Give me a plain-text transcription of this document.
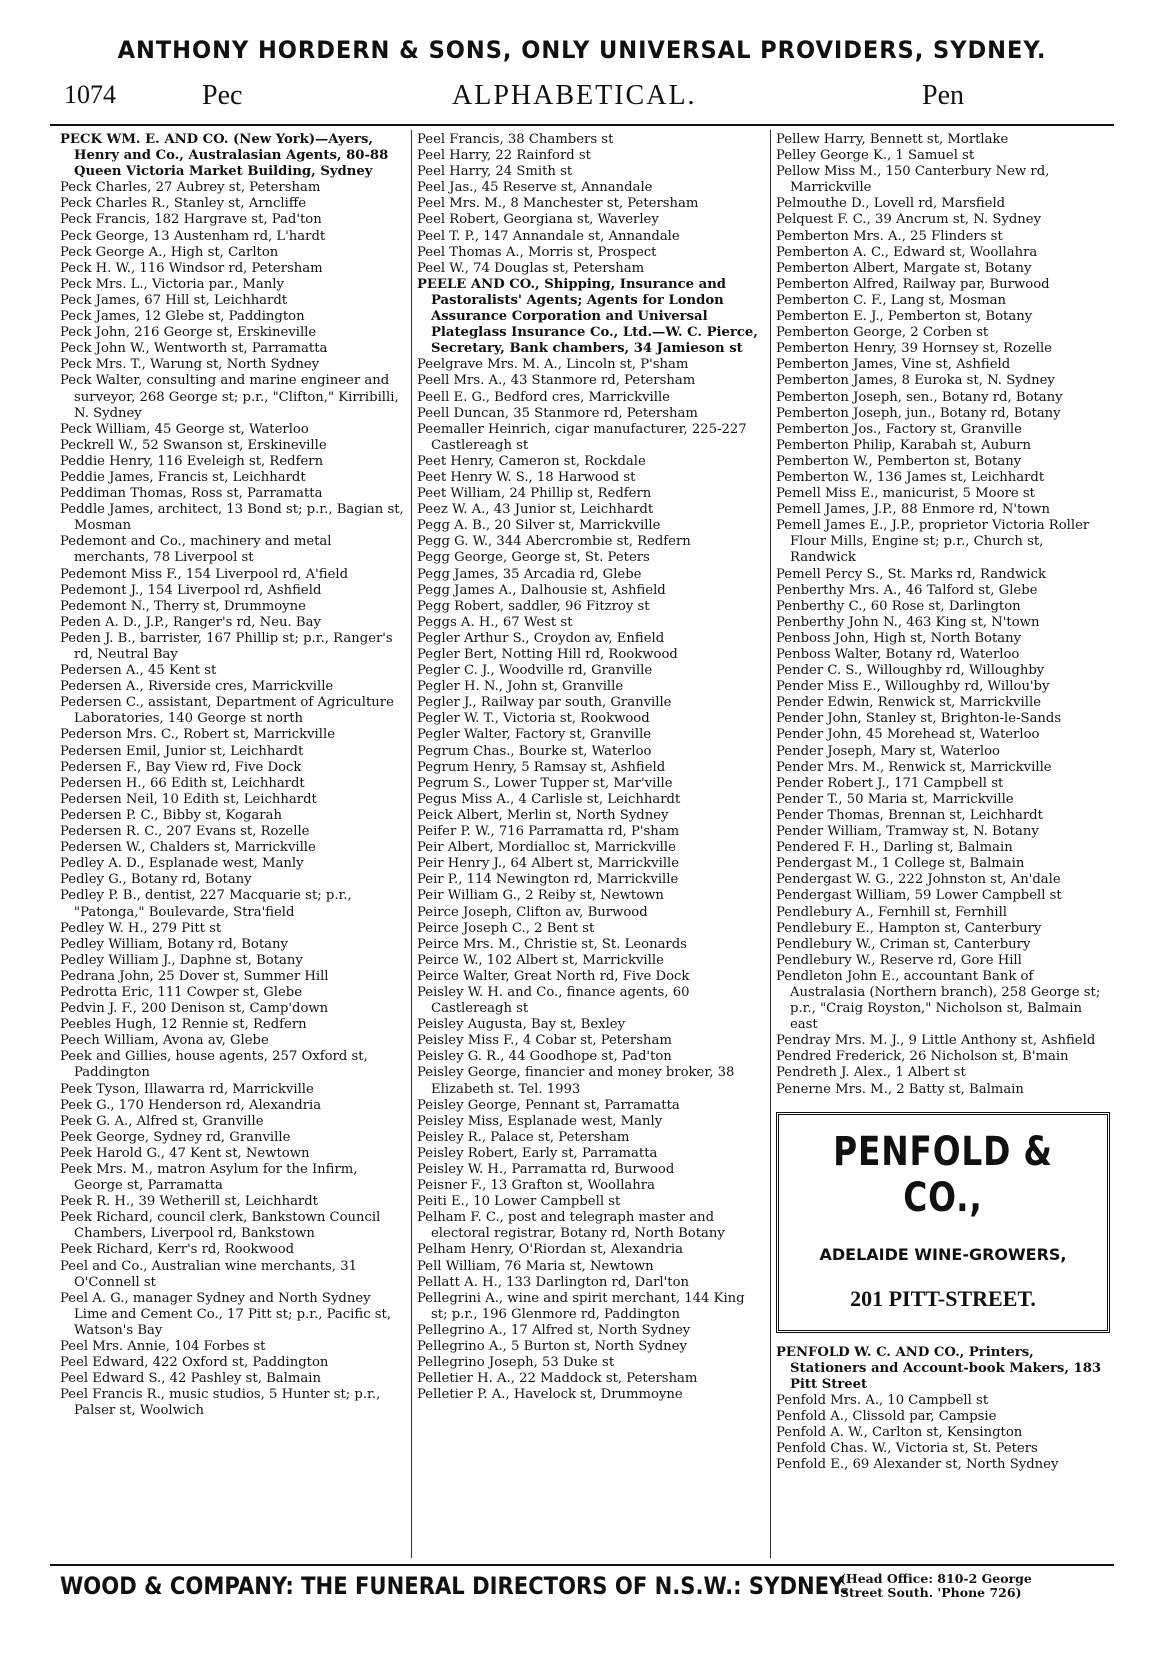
ANTHONY HORDERN & SONS, ONLY UNIVERSAL PROVIDERS, SYDNEY.
1074	Pec	ALPHABETICAL.	Pen
PECK WM. E. AND CO. (New York)—Ayers, Henry and Co., Australasian Agents, 80-88 Queen Victoria Market Building, Sydney
Peck Charles, 27 Aubrey st, Petersham
Peck Charles R., Stanley st, Arncliffe
Peck Francis, 182 Hargrave st, Pad'ton
Peck George, 13 Austenham rd, L'hardt
Peck George A., High st, Carlton
Peck H. W., 116 Windsor rd, Petersham
Peck Mrs. L., Victoria par., Manly
Peck James, 67 Hill st, Leichhardt
Peck James, 12 Glebe st, Paddington
Peck John, 216 George st, Erskineville
Peck John W., Wentworth st, Parramatta
Peck Mrs. T., Warung st, North Sydney
Peck Walter, consulting and marine engineer and surveyor, 268 George st; p.r., "Clifton," Kirribilli, N. Sydney
Peck William, 45 George st, Waterloo
Peckrell W., 52 Swanson st, Erskineville
Peddie Henry, 116 Eveleigh st, Redfern
Peddie James, Francis st, Leichhardt
Peddiman Thomas, Ross st, Parramatta
Peddle James, architect, 13 Bond st; p.r., Bagian st, Mosman
Pedemont and Co., machinery and metal merchants, 78 Liverpool st
Pedemont Miss F., 154 Liverpool rd, A'field
Pedemont J., 154 Liverpool rd, Ashfield
Pedemont N., Therry st, Drummoyne
Peden A. D., J.P., Ranger's rd, Neu. Bay
Peden J. B., barrister, 167 Phillip st; p.r., Ranger's rd, Neutral Bay
Pedersen A., 45 Kent st
Pedersen A., Riverside cres, Marrickville
Pedersen C., assistant, Department of Agriculture Laboratories, 140 George st north
Pederson Mrs. C., Robert st, Marrickville
Pedersen Emil, Junior st, Leichhardt
Pedersen F., Bay View rd, Five Dock
Pedersen H., 66 Edith st, Leichhardt
Pedersen Neil, 10 Edith st, Leichhardt
Pedersen P. C., Bibby st, Kogarah
Pedersen R. C., 207 Evans st, Rozelle
Pedersen W., Chalders st, Marrickville
Pedley A. D., Esplanade west, Manly
Pedley G., Botany rd, Botany
Pedley P. B., dentist, 227 Macquarie st; p.r., "Patonga," Boulevarde, Stra'field
Pedley W. H., 279 Pitt st
Pedley William, Botany rd, Botany
Pedley William J., Daphne st, Botany
Pedrana John, 25 Dover st, Summer Hill
Pedrotta Eric, 111 Cowper st, Glebe
Pedvin J. F., 200 Denison st, Camp'down
Peebles Hugh, 12 Rennie st, Redfern
Peech William, Avona av, Glebe
Peek and Gillies, house agents, 257 Oxford st, Paddington
Peek Tyson, Illawarra rd, Marrickville
Peek G., 170 Henderson rd, Alexandria
Peek G. A., Alfred st, Granville
Peek George, Sydney rd, Granville
Peek Harold G., 47 Kent st, Newtown
Peek Mrs. M., matron Asylum for the Infirm, George st, Parramatta
Peek R. H., 39 Wetherill st, Leichhardt
Peek Richard, council clerk, Bankstown Council Chambers, Liverpool rd, Bankstown
Peek Richard, Kerr's rd, Rookwood
Peel and Co., Australian wine merchants, 31 O'Connell st
Peel A. G., manager Sydney and North Sydney Lime and Cement Co., 17 Pitt st; p.r., Pacific st, Watson's Bay
Peel Mrs. Annie, 104 Forbes st
Peel Edward, 422 Oxford st, Paddington
Peel Edward S., 42 Pashley st, Balmain
Peel Francis R., music studios, 5 Hunter st; p.r., Palser st, Woolwich
Peel Francis, 38 Chambers st
Peel Harry, 22 Rainford st
Peel Harry, 24 Smith st
Peel Jas., 45 Reserve st, Annandale
Peel Mrs. M., 8 Manchester st, Petersham
Peel Robert, Georgiana st, Waverley
Peel T. P., 147 Annandale st, Annandale
Peel Thomas A., Morris st, Prospect
Peel W., 74 Douglas st, Petersham
PEELE AND CO., Shipping, Insurance and Pastoralists' Agents; Agents for London Assurance Corporation and Universal Plateglass Insurance Co., Ltd.—W. C. Pierce, Secretary, Bank chambers, 34 Jamieson st
Peelgrave Mrs. M. A., Lincoln st, P'sham
Peell Mrs. A., 43 Stanmore rd, Petersham
Peell E. G., Bedford cres, Marrickville
Peell Duncan, 35 Stanmore rd, Petersham
Peemaller Heinrich, cigar manufacturer, 225-227 Castlereagh st
Peet Henry, Cameron st, Rockdale
Peet Henry W. S., 18 Harwood st
Peet William, 24 Phillip st, Redfern
Peez W. A., 43 Junior st, Leichhardt
Pegg A. B., 20 Silver st, Marrickville
Pegg G. W., 344 Abercrombie st, Redfern
Pegg George, George st, St. Peters
Pegg James, 35 Arcadia rd, Glebe
Pegg James A., Dalhousie st, Ashfield
Pegg Robert, saddler, 96 Fitzroy st
Peggs A. H., 67 West st
Pegler Arthur S., Croydon av, Enfield
Pegler Bert, Notting Hill rd, Rookwood
Pegler C. J., Woodville rd, Granville
Pegler H. N., John st, Granville
Pegler J., Railway par south, Granville
Pegler W. T., Victoria st, Rookwood
Pegler Walter, Factory st, Granville
Pegrum Chas., Bourke st, Waterloo
Pegrum Henry, 5 Ramsay st, Ashfield
Pegrum S., Lower Tupper st, Mar'ville
Pegus Miss A., 4 Carlisle st, Leichhardt
Peick Albert, Merlin st, North Sydney
Peifer P. W., 716 Parramatta rd, P'sham
Peir Albert, Mordialloc st, Marrickville
Peir Henry J., 64 Albert st, Marrickville
Peir P., 114 Newington rd, Marrickville
Peir William G., 2 Reiby st, Newtown
Peirce Joseph, Clifton av, Burwood
Peirce Joseph C., 2 Bent st
Peirce Mrs. M., Christie st, St. Leonards
Peirce W., 102 Albert st, Marrickville
Peirce Walter, Great North rd, Five Dock
Peisley W. H. and Co., finance agents, 60 Castlereagh st
Peisley Augusta, Bay st, Bexley
Peisley Miss F., 4 Cobar st, Petersham
Peisley G. R., 44 Goodhope st, Pad'ton
Peisley George, financier and money broker, 38 Elizabeth st. Tel. 1993
Peisley George, Pennant st, Parramatta
Peisley Miss, Esplanade west, Manly
Peisley R., Palace st, Petersham
Peisley Robert, Early st, Parramatta
Peisley W. H., Parramatta rd, Burwood
Peisner F., 13 Grafton st, Woollahra
Peiti E., 10 Lower Campbell st
Pelham F. C., post and telegraph master and electoral registrar, Botany rd, North Botany
Pelham Henry, O'Riordan st, Alexandria
Pell William, 76 Maria st, Newtown
Pellatt A. H., 133 Darlington rd, Darl'ton
Pellegrini A., wine and spirit merchant, 144 King st; p.r., 196 Glenmore rd, Paddington
Pellegrino A., 17 Alfred st, North Sydney
Pellegrino A., 5 Burton st, North Sydney
Pellegrino Joseph, 53 Duke st
Pelletier H. A., 22 Maddock st, Petersham
Pelletier P. A., Havelock st, Drummoyne
Pellew Harry, Bennett st, Mortlake
Pelley George K., 1 Samuel st
Pellow Miss M., 150 Canterbury New rd, Marrickville
Pelmouthe D., Lovell rd, Marsfield
Pelquest F. C., 39 Ancrum st, N. Sydney
Pemberton Mrs. A., 25 Flinders st
Pemberton A. C., Edward st, Woollahra
Pemberton Albert, Margate st, Botany
Pemberton Alfred, Railway par, Burwood
Pemberton C. F., Lang st, Mosman
Pemberton E. J., Pemberton st, Botany
Pemberton George, 2 Corben st
Pemberton Henry, 39 Hornsey st, Rozelle
Pemberton James, Vine st, Ashfield
Pemberton James, 8 Euroka st, N. Sydney
Pemberton Joseph, sen., Botany rd, Botany
Pemberton Joseph, jun., Botany rd, Botany
Pemberton Jos., Factory st, Granville
Pemberton Philip, Karabah st, Auburn
Pemberton W., Pemberton st, Botany
Pemberton W., 136 James st, Leichhardt
Pemell Miss E., manicurist, 5 Moore st
Pemell James, J.P., 88 Enmore rd, N'town
Pemell James E., J.P., proprietor Victoria Roller Flour Mills, Engine st; p.r., Church st, Randwick
Pemell Percy S., St. Marks rd, Randwick
Penberthy Mrs. A., 46 Talford st, Glebe
Penberthy C., 60 Rose st, Darlington
Penberthy John N., 463 King st, N'town
Penboss John, High st, North Botany
Penboss Walter, Botany rd, Waterloo
Pender C. S., Willoughby rd, Willoughby
Pender Miss E., Willoughby rd, Willou'by
Pender Edwin, Renwick st, Marrickville
Pender John, Stanley st, Brighton-le-Sands
Pender John, 45 Morehead st, Waterloo
Pender Joseph, Mary st, Waterloo
Pender Mrs. M., Renwick st, Marrickville
Pender Robert J., 171 Campbell st
Pender T., 50 Maria st, Marrickville
Pender Thomas, Brennan st, Leichhardt
Pender William, Tramway st, N. Botany
Pendered F. H., Darling st, Balmain
Pendergast M., 1 College st, Balmain
Pendergast W. G., 222 Johnston st, An'dale
Pendergast William, 59 Lower Campbell st
Pendlebury A., Fernhill st, Fernhill
Pendlebury E., Hampton st, Canterbury
Pendlebury W., Criman st, Canterbury
Pendlebury W., Reserve rd, Gore Hill
Pendleton John E., accountant Bank of Australasia (Northern branch), 258 George st; p.r., "Craig Royston," Nicholson st, Balmain east
Pendray Mrs. M. J., 9 Little Anthony st, Ashfield
Pendred Frederick, 26 Nicholson st, B'main
Pendreth J. Alex., 1 Albert st
Penerne Mrs. M., 2 Batty st, Balmain
PENFOLD & CO.,
ADELAIDE WINE-GROWERS,
201 PITT-STREET.
PENFOLD W. C. AND CO., Printers, Stationers and Account-book Makers, 183 Pitt Street
Penfold Mrs. A., 10 Campbell st
Penfold A., Clissold par, Campsie
Penfold A. W., Carlton st, Kensington
Penfold Chas. W., Victoria st, St. Peters
Penfold E., 69 Alexander st, North Sydney
WOOD & COMPANY: THE FUNERAL DIRECTORS OF N.S.W.: SYDNEY.
(Head Office: 810-2 George
Street South. 'Phone 726)
